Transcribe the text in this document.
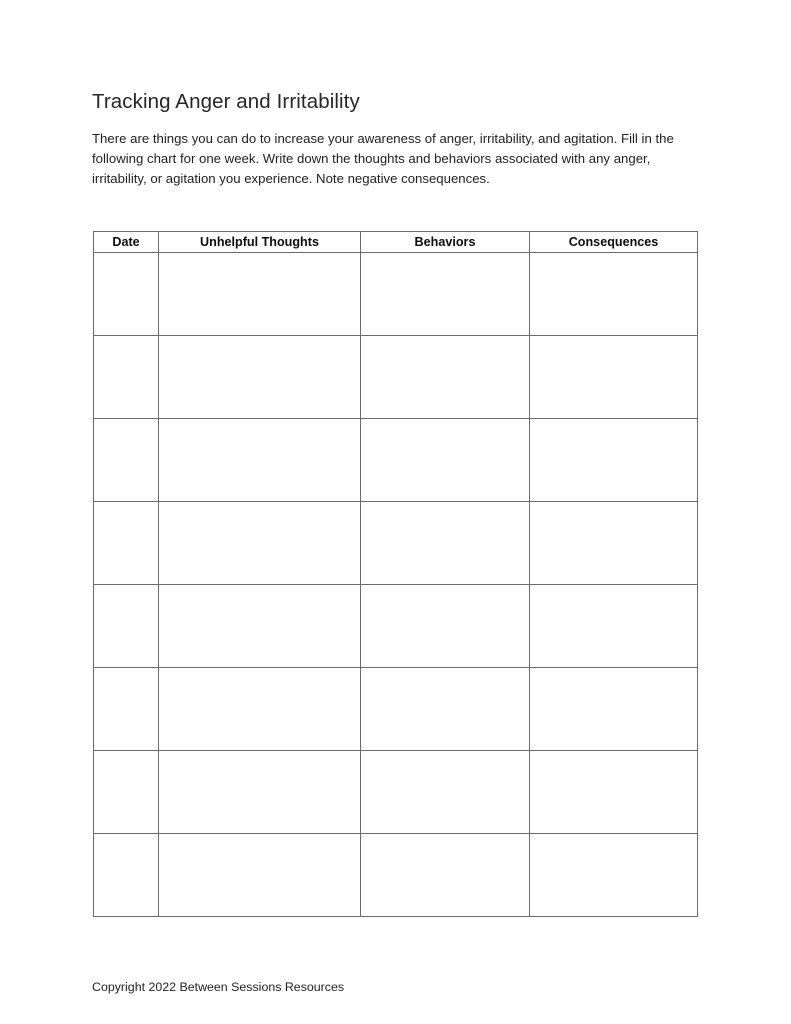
Tracking Anger and Irritability

There are things you can do to increase your awareness of anger, irritability, and agitation. Fill in the following chart for one week. Write down the thoughts and behaviors associated with any anger, irritability, or agitation you experience. Note negative consequences.

Date	Unhelpful Thoughts	Behaviors	Consequences

Copyright 2022 Between Sessions Resources
